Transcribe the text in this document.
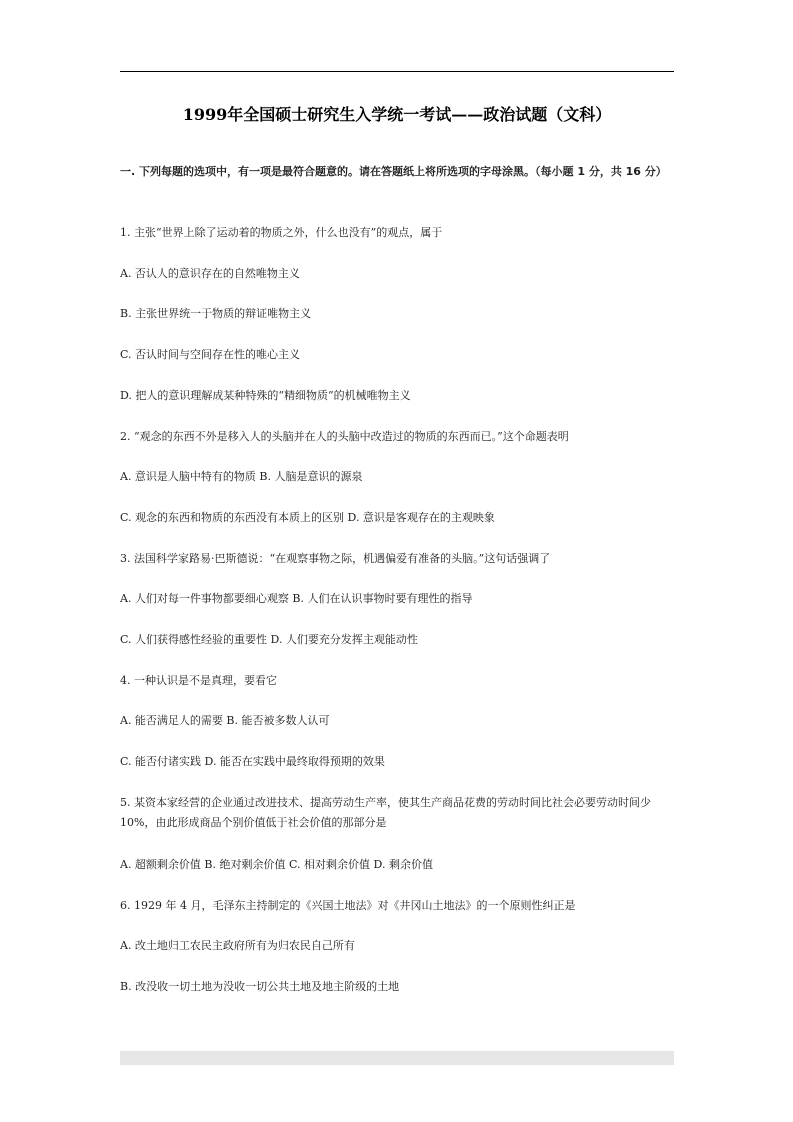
1999年全国硕士研究生入学统一考试——政治试题（文科）
一. 下列每题的选项中，有一项是最符合题意的。请在答题纸上将所选项的字母涂黑。（每小题 1 分，共 16 分）
1. 主张“世界上除了运动着的物质之外，什么也没有”的观点，属于
A. 否认人的意识存在的自然唯物主义
B. 主张世界统一于物质的辩证唯物主义
C. 否认时间与空间存在性的唯心主义
D. 把人的意识理解成某种特殊的“精细物质”的机械唯物主义
2. “观念的东西不外是移入人的头脑并在人的头脑中改造过的物质的东西而已。”这个命题表明
A. 意识是人脑中特有的物质 B. 人脑是意识的源泉
C. 观念的东西和物质的东西没有本质上的区别 D. 意识是客观存在的主观映象
3. 法国科学家路易·巴斯德说：“在观察事物之际，机遇偏爱有准备的头脑。”这句话强调了
A. 人们对每一件事物都要细心观察 B. 人们在认识事物时要有理性的指导
C. 人们获得感性经验的重要性 D. 人们要充分发挥主观能动性
4. 一种认识是不是真理，要看它
A. 能否满足人的需要 B. 能否被多数人认可
C. 能否付诸实践 D. 能否在实践中最终取得预期的效果
5. 某资本家经营的企业通过改进技术、提高劳动生产率，使其生产商品花费的劳动时间比社会必要劳动时间少 10%，由此形成商品个别价值低于社会价值的那部分是
A. 超额剩余价值 B. 绝对剩余价值 C. 相对剩余价值 D. 剩余价值
6. 1929 年 4 月，毛泽东主持制定的《兴国土地法》对《井冈山土地法》的一个原则性纠正是
A. 改土地归工农民主政府所有为归农民自己所有
B. 改没收一切土地为没收一切公共土地及地主阶级的土地
